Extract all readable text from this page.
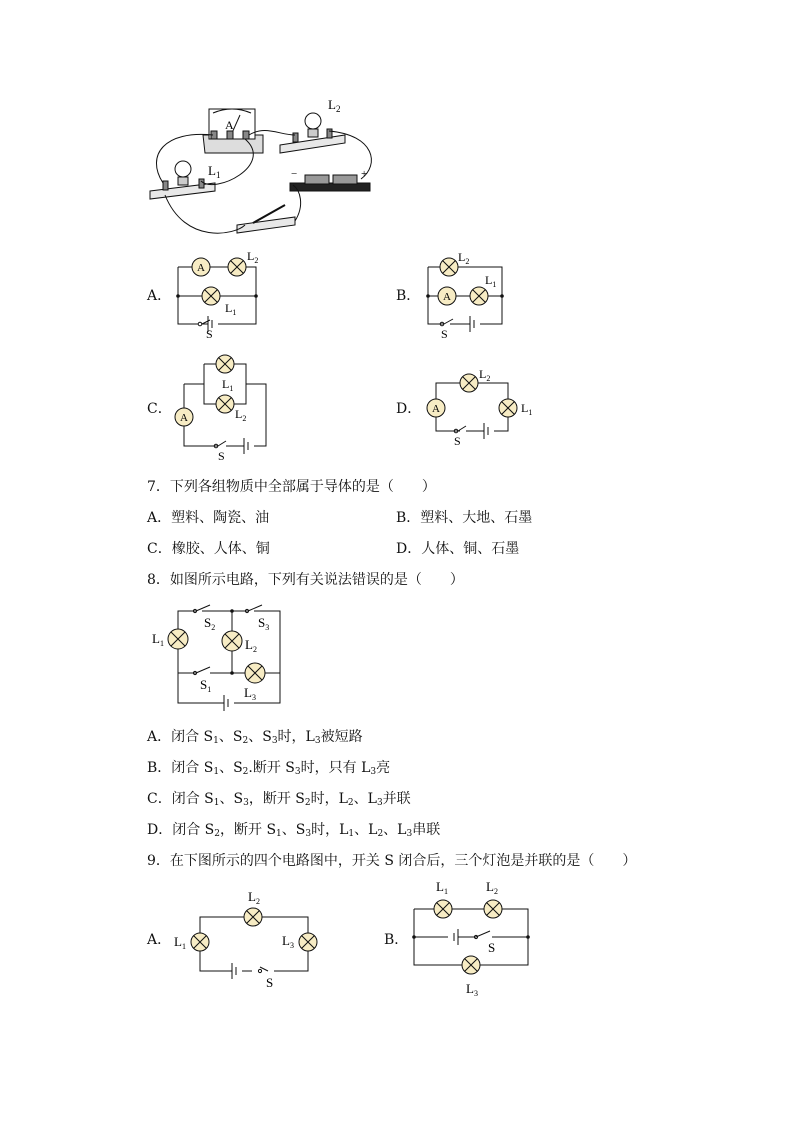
A
$L_2$
$L_1$	−	+
A．
A
$L_2$
$L_1$
S
B． A
$L_2$
$L_1$
S
C．
A
$L_1$
$L_2$
S
D． A
$L_2$
$L_1$
S
7．下列各组物质中全部属于导体的是（　　）
A．塑料、陶瓷、油	B．塑料、大地、石墨
C．橡胶、人体、铜	D．人体、铜、石墨
8．如图所示电路，下列有关说法错误的是（　　）
$L_1$
$S_2$	$S_3$
$L_2$
$S_1$	$L_3$
A．闭合 $S_1$、$S_2$、$S_3$时，$L_3$被短路
B．闭合 $S_1$、$S_2$.断开 $S_3$时，只有 $L_3$亮
C．闭合 $S_1$、$S_3$，断开 $S_2$时，$L_2$、$L_3$并联
D．闭合 $S_2$，断开 $S_1$、$S_3$时，$L_1$、$L_2$、$L_3$串联
9．在下图所示的四个电路图中，开关 S 闭合后，三个灯泡是并联的是（　　）
A． $L_1$
$L_2$
$L_3$
S
B．
$L_1$	$L_2$
S
$L_3$
